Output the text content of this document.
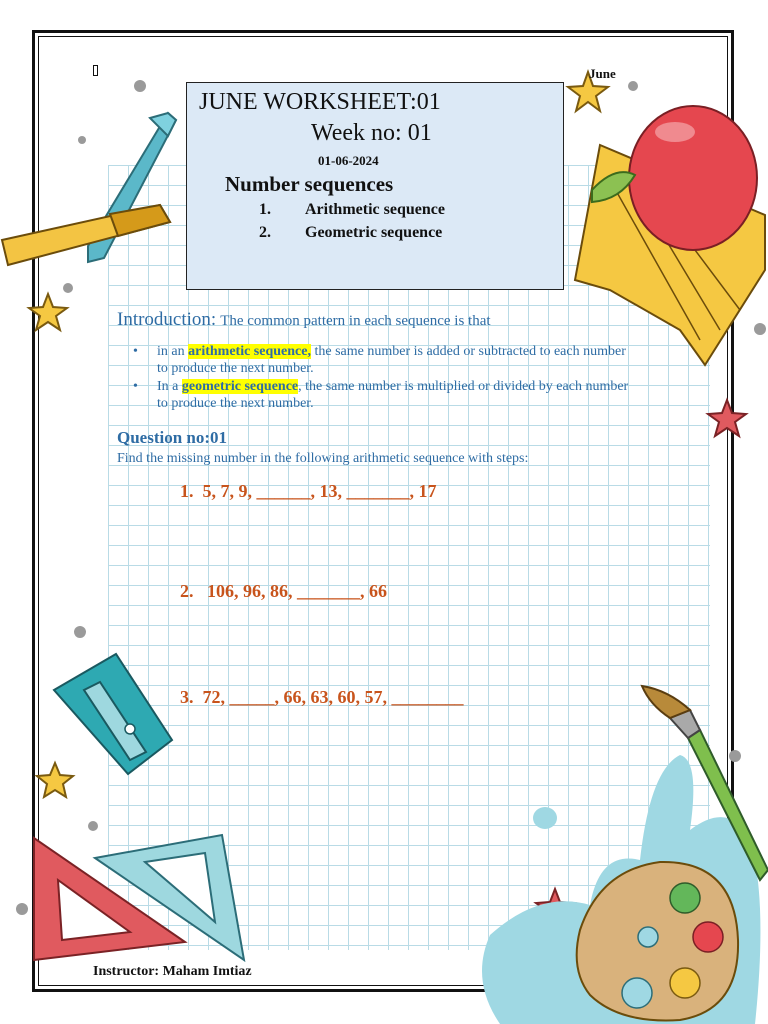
June
JUNE WORKSHEET:01
Week no: 01
01-06-2024
Number sequences
1. Arithmetic sequence
2. Geometric sequence
Introduction: The common pattern in each sequence is that
• in an arithmetic sequence, the same number is added or subtracted to each number to produce the next number.
• In a geometric sequence, the same number is multiplied or divided by each number to produce the next number.
Question no:01
Find the missing number in the following arithmetic sequence with steps:
1.  5, 7, 9, ______, 13, _______, 17
2.   106, 96, 86, _______, 66
3.  72, _____, 66, 63, 60, 57, ________
Instructor: Maham Imtiaz
